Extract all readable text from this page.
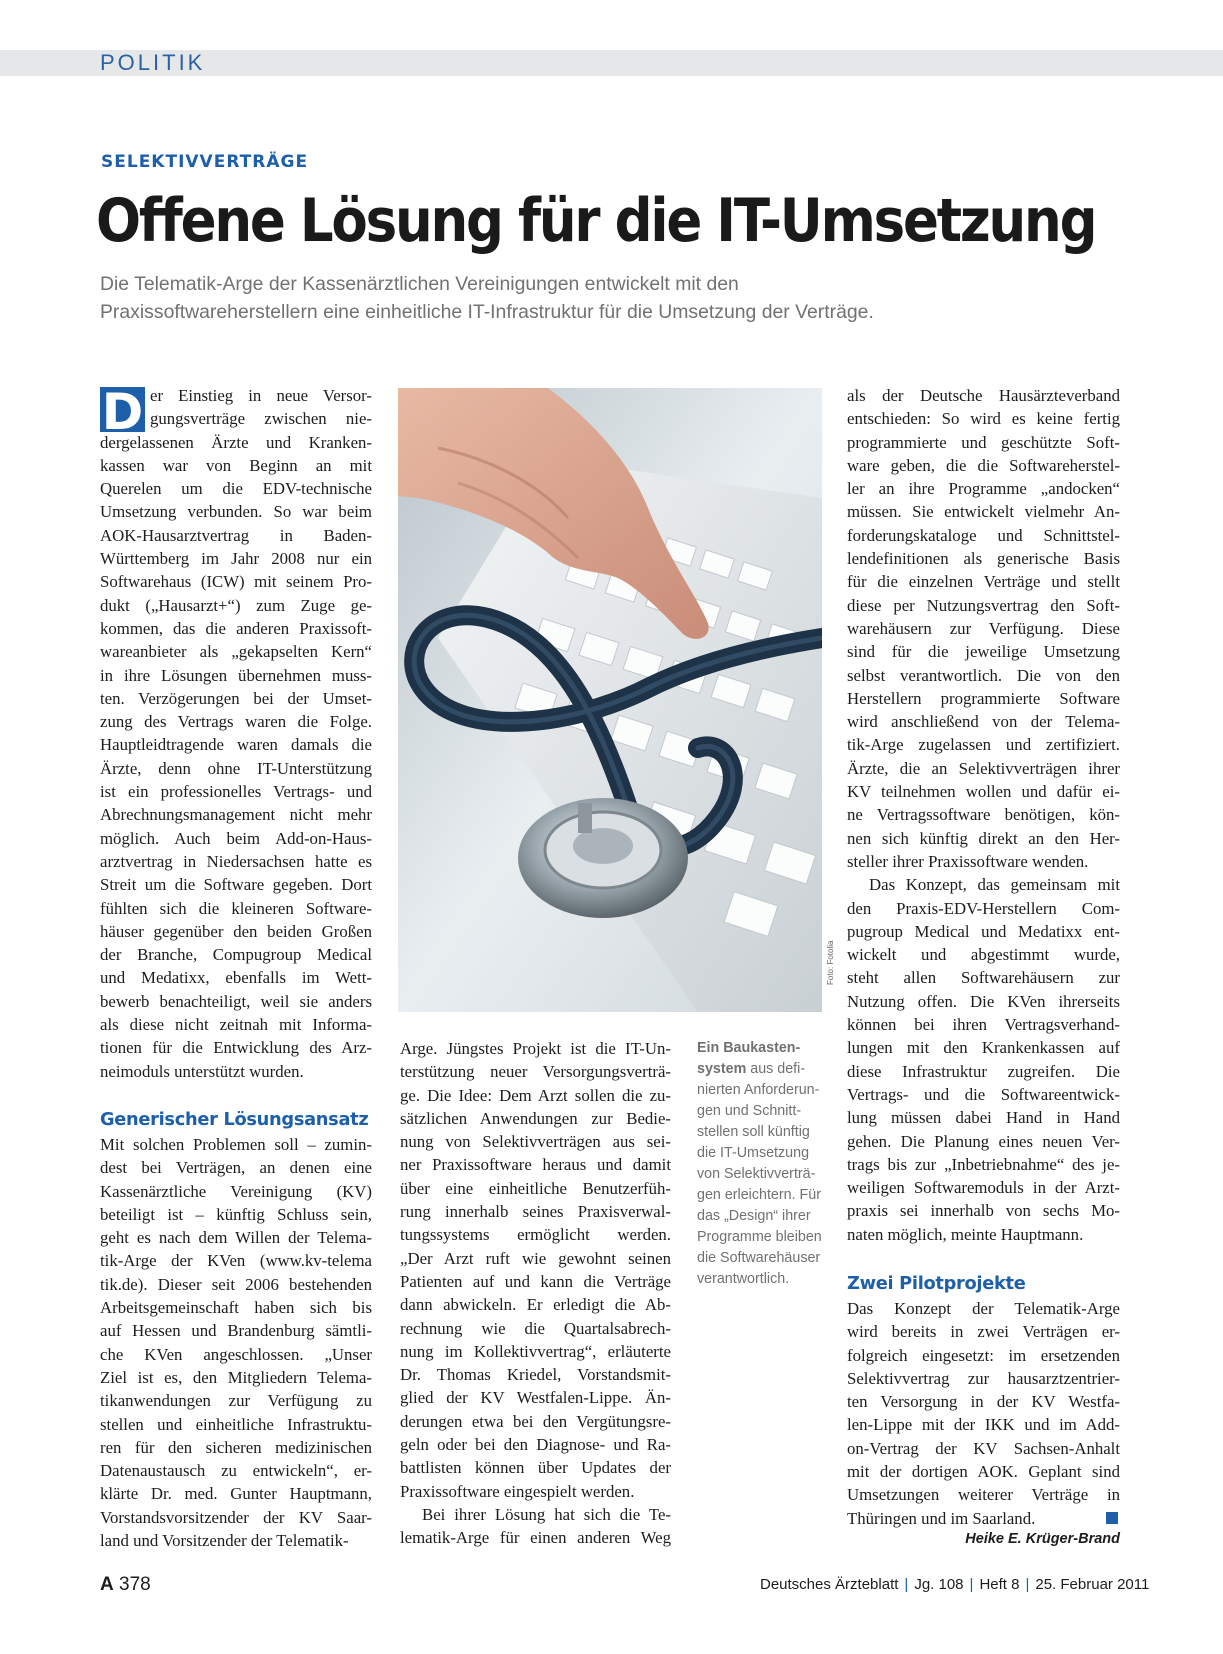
POLITIK
SELEKTIVVERTRÄGE
Offene Lösung für die IT-Umsetzung
Die Telematik-Arge der Kassenärztlichen Vereinigungen entwickelt mit den
Praxissoftwareherstellern eine einheitliche IT-Infrastruktur für die Umsetzung der Verträge.
D er Einstieg in neue Versor-
gungsverträge zwischen nie-
dergelassenen Ärzte und Kranken-
kassen war von Beginn an mit
Querelen um die EDV-technische
Umsetzung verbunden. So war beim
AOK-Hausarztvertrag in Baden-
Württemberg im Jahr 2008 nur ein
Softwarehaus (ICW) mit seinem Pro-
dukt („Hausarzt+“) zum Zuge ge-
kommen, das die anderen Praxissoft-
wareanbieter als „gekapselten Kern“
in ihre Lösungen übernehmen muss-
ten. Verzögerungen bei der Umset-
zung des Vertrags waren die Folge.
Hauptleidtragende waren damals die
Ärzte, denn ohne IT-Unterstützung
ist ein professionelles Vertrags- und
Abrechnungsmanagement nicht mehr
möglich. Auch beim Add-on-Haus-
arztvertrag in Niedersachsen hatte es
Streit um die Software gegeben. Dort
fühlten sich die kleineren Software-
häuser gegenüber den beiden Großen
der Branche, Compugroup Medical
und Medatixx, ebenfalls im Wett-
bewerb benachteiligt, weil sie anders
als diese nicht zeitnah mit Informa-
tionen für die Entwicklung des Arz-
neimoduls unterstützt wurden.
Generischer Lösungsansatz
Mit solchen Problemen soll – zumin-
dest bei Verträgen, an denen eine
Kassenärztliche Vereinigung (KV)
beteiligt ist – künftig Schluss sein,
geht es nach dem Willen der Telema-
tik-Arge der KVen (www.kv-telema
tik.de). Dieser seit 2006 bestehenden
Arbeitsgemeinschaft haben sich bis
auf Hessen und Brandenburg sämtli-
che KVen angeschlossen. „Unser
Ziel ist es, den Mitgliedern Telema-
tikanwendungen zur Verfügung zu
stellen und einheitliche Infrastruktu-
ren für den sicheren medizinischen
Datenaustausch zu entwickeln“, er-
klärte Dr. med. Gunter Hauptmann,
Vorstandsvorsitzender der KV Saar-
land und Vorsitzender der Telematik-
Foto: Fotolia
Ein Baukasten-
system aus defi-
nierten Anforderun-
gen und Schnitt-
stellen soll künftig
die IT-Umsetzung
von Selektivverträ-
gen erleichtern. Für
das „Design“ ihrer
Programme bleiben
die Softwarehäuser
verantwortlich.
Arge. Jüngstes Projekt ist die IT-Un-
terstützung neuer Versorgungsverträ-
ge. Die Idee: Dem Arzt sollen die zu-
sätzlichen Anwendungen zur Bedie-
nung von Selektivverträgen aus sei-
ner Praxissoftware heraus und damit
über eine einheitliche Benutzerfüh-
rung innerhalb seines Praxisverwal-
tungssystems ermöglicht werden.
„Der Arzt ruft wie gewohnt seinen
Patienten auf und kann die Verträge
dann abwickeln. Er erledigt die Ab-
rechnung wie die Quartalsabrech-
nung im Kollektivvertrag“, erläuterte
Dr. Thomas Kriedel, Vorstandsmit-
glied der KV Westfalen-Lippe. Än-
derungen etwa bei den Vergütungsre-
geln oder bei den Diagnose- und Ra-
battlisten können über Updates der
Praxissoftware eingespielt werden.
Bei ihrer Lösung hat sich die Te-
lematik-Arge für einen anderen Weg
als der Deutsche Hausärzteverband
entschieden: So wird es keine fertig
programmierte und geschützte Soft-
ware geben, die die Softwareherstel-
ler an ihre Programme „andocken“
müssen. Sie entwickelt vielmehr An-
forderungskataloge und Schnittstel-
lendefinitionen als generische Basis
für die einzelnen Verträge und stellt
diese per Nutzungsvertrag den Soft-
warehäusern zur Verfügung. Diese
sind für die jeweilige Umsetzung
selbst verantwortlich. Die von den
Herstellern programmierte Software
wird anschließend von der Telema-
tik-Arge zugelassen und zertifiziert.
Ärzte, die an Selektivverträgen ihrer
KV teilnehmen wollen und dafür ei-
ne Vertragssoftware benötigen, kön-
nen sich künftig direkt an den Her-
steller ihrer Praxissoftware wenden.
Das Konzept, das gemeinsam mit
den Praxis-EDV-Herstellern Com-
pugroup Medical und Medatixx ent-
wickelt und abgestimmt wurde,
steht allen Softwarehäusern zur
Nutzung offen. Die KVen ihrerseits
können bei ihren Vertragsverhand-
lungen mit den Krankenkassen auf
diese Infrastruktur zugreifen. Die
Vertrags- und die Softwareentwick-
lung müssen dabei Hand in Hand
gehen. Die Planung eines neuen Ver-
trags bis zur „Inbetriebnahme“ des je-
weiligen Softwaremoduls in der Arzt-
praxis sei innerhalb von sechs Mo-
naten möglich, meinte Hauptmann.
Zwei Pilotprojekte
Das Konzept der Telematik-Arge
wird bereits in zwei Verträgen er-
folgreich eingesetzt: im ersetzenden
Selektivvertrag zur hausarztzentrier-
ten Versorgung in der KV Westfa-
len-Lippe mit der IKK und im Add-
on-Vertrag der KV Sachsen-Anhalt
mit der dortigen AOK. Geplant sind
Umsetzungen weiterer Verträge in
Thüringen und im Saarland.
Heike E. Krüger-Brand
A 378	Deutsches Ärzteblatt | Jg. 108 | Heft 8 | 25. Februar 2011
